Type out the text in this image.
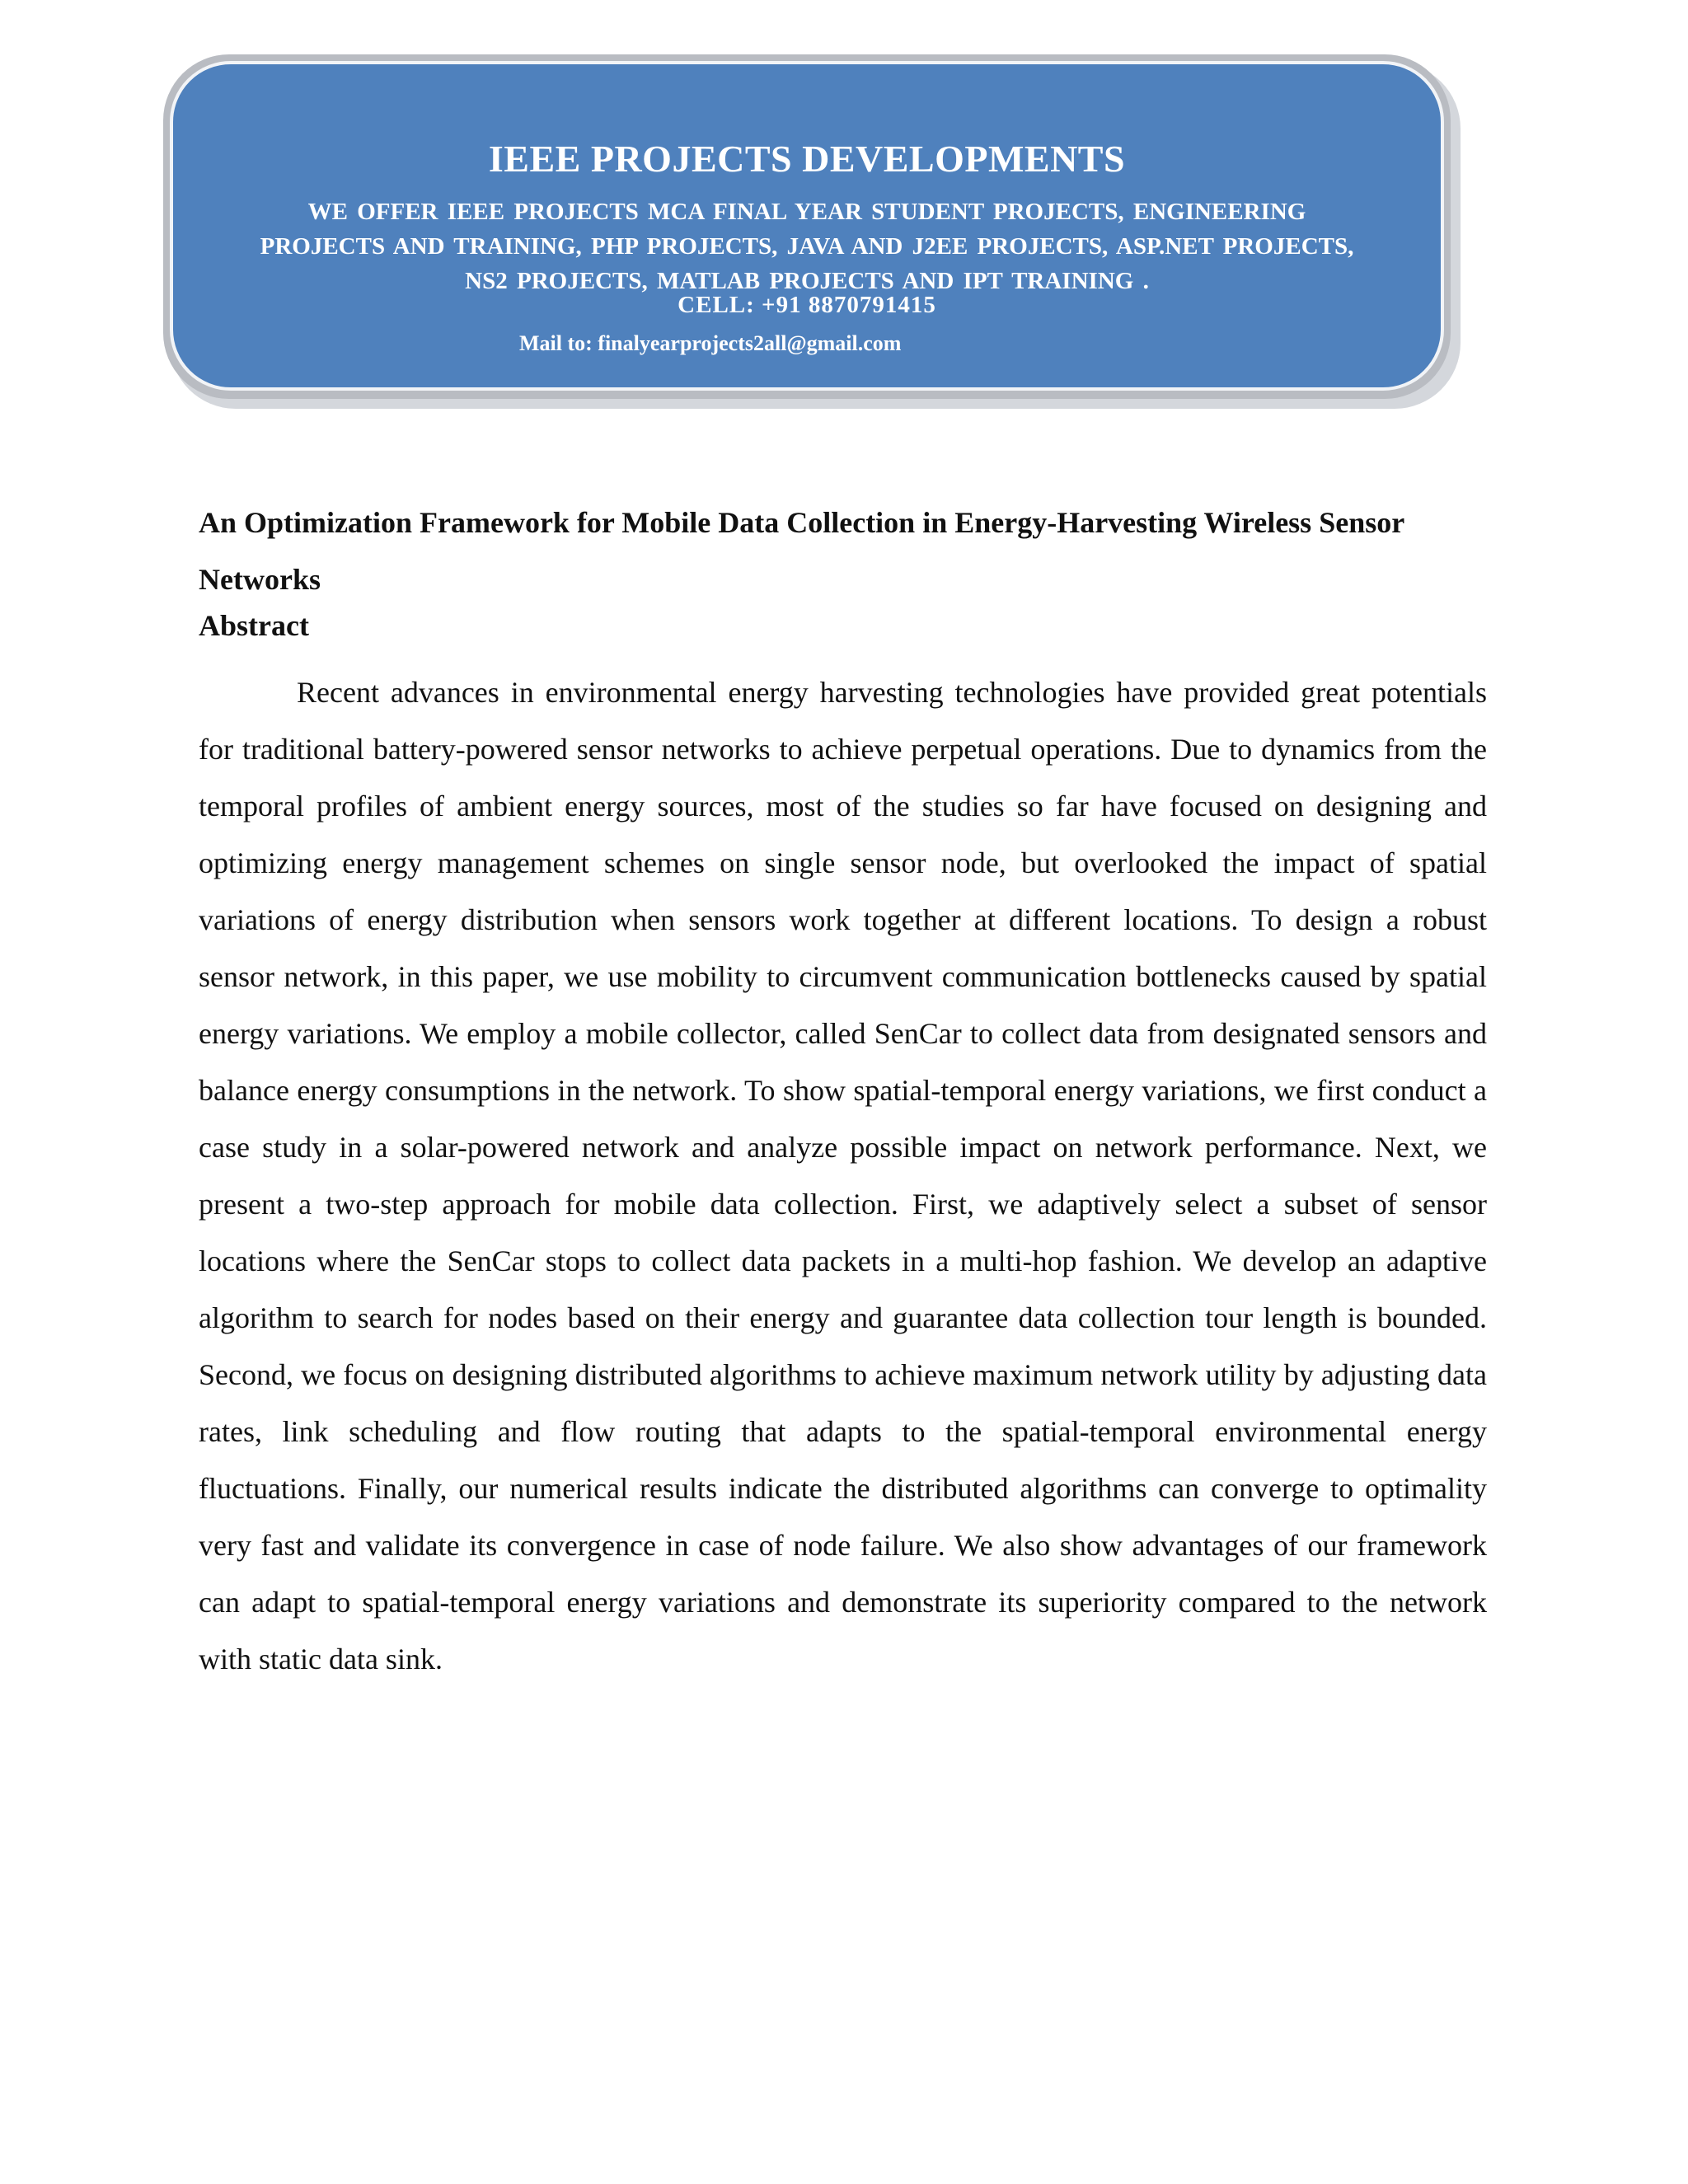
IEEE PROJECTS DEVELOPMENTS
WE OFFER IEEE PROJECTS MCA FINAL YEAR STUDENT PROJECTS, ENGINEERING PROJECTS AND TRAINING, PHP PROJECTS, JAVA AND J2EE PROJECTS, ASP.NET PROJECTS, NS2 PROJECTS, MATLAB PROJECTS AND IPT TRAINING .
CELL: +91 8870791415
Mail to: finalyearprojects2all@gmail.com
An Optimization Framework for Mobile Data Collection in Energy-Harvesting Wireless Sensor Networks
Abstract
Recent advances in environmental energy harvesting technologies have provided great potentials for traditional battery-powered sensor networks to achieve perpetual operations. Due to dynamics from the temporal profiles of ambient energy sources, most of the studies so far have focused on designing and optimizing energy management schemes on single sensor node, but overlooked the impact of spatial variations of energy distribution when sensors work together at different locations. To design a robust sensor network, in this paper, we use mobility to circumvent communication bottlenecks caused by spatial energy variations. We employ a mobile collector, called SenCar to collect data from designated sensors and balance energy consumptions in the network. To show spatial-temporal energy variations, we first conduct a case study in a solar-powered network and analyze possible impact on network performance. Next, we present a two-step approach for mobile data collection. First, we adaptively select a subset of sensor locations where the SenCar stops to collect data packets in a multi-hop fashion. We develop an adaptive algorithm to search for nodes based on their energy and guarantee data collection tour length is bounded. Second, we focus on designing distributed algorithms to achieve maximum network utility by adjusting data rates, link scheduling and flow routing that adapts to the spatial-temporal environmental energy fluctuations. Finally, our numerical results indicate the distributed algorithms can converge to optimality very fast and validate its convergence in case of node failure. We also show advantages of our framework can adapt to spatial-temporal energy variations and demonstrate its superiority compared to the network with static data sink.
